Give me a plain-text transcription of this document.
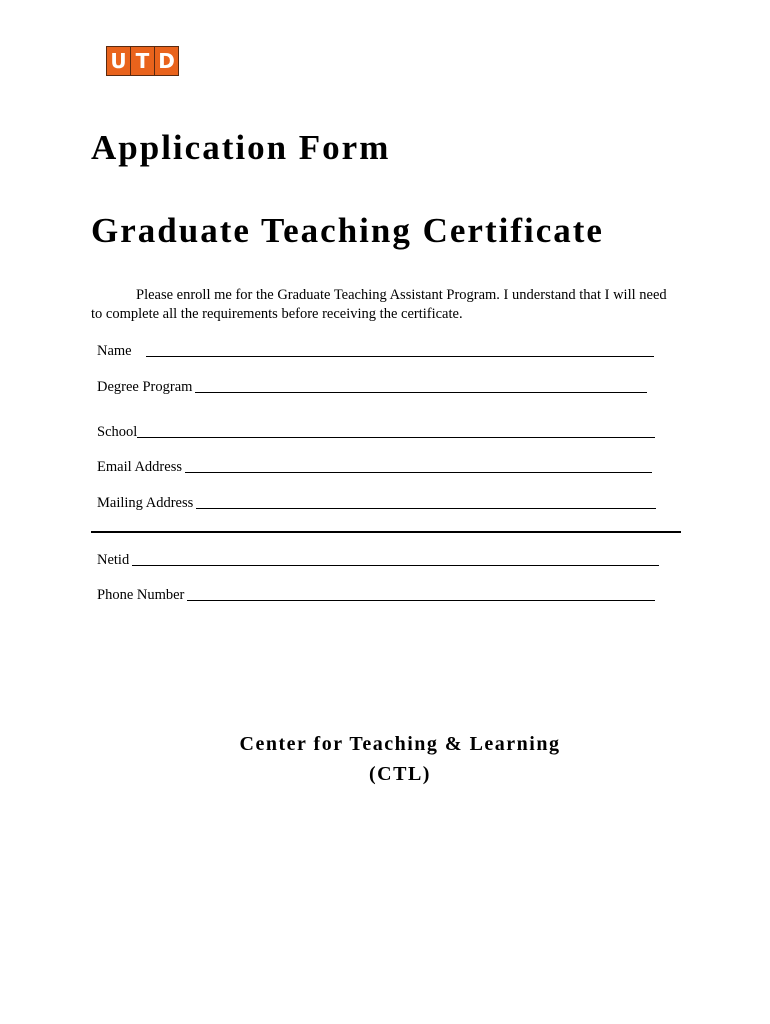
U T D
Application Form
Graduate Teaching Certificate

Please enroll me for the Graduate Teaching Assistant Program. I understand that I will need to complete all the requirements before receiving the certificate.

Name
Degree Program
School
Email Address
Mailing Address
Netid
Phone Number

Center for Teaching & Learning

(CTL)
